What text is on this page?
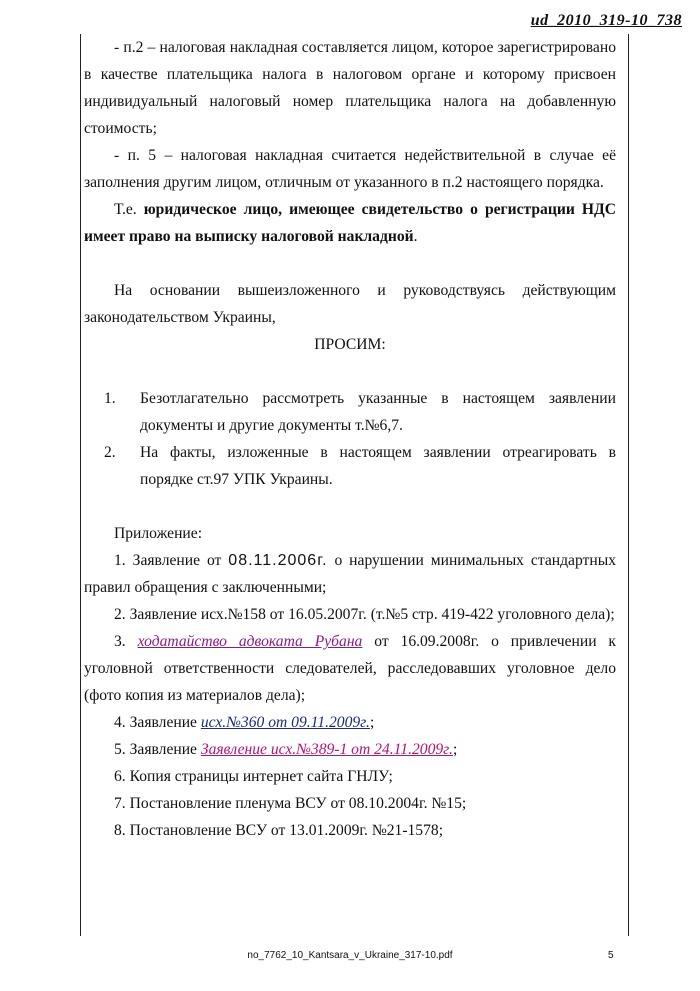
ud_2010_319-10_738

- п.2 – налоговая накладная составляется лицом, которое зарегистрировано в качестве плательщика налога в налоговом органе и которому присвоен индивидуальный налоговый номер плательщика налога на добавленную стоимость;

- п. 5 – налоговая накладная считается недействительной в случае её заполнения другим лицом, отличным от указанного в п.2 настоящего порядка.

Т.е. юридическое лицо, имеющее свидетельство о регистрации НДС имеет право на выписку налоговой накладной.

На основании вышеизложенного и руководствуясь действующим законодательством Украины,

ПРОСИМ:

1.	Безотлагательно рассмотреть указанные в настоящем заявлении документы и другие документы т.№6,7.
2.	На факты, изложенные в настоящем заявлении отреагировать в порядке ст.97 УПК Украины.

Приложение:

1. Заявление от 08.11.2006г. о нарушении минимальных стандартных правил обращения с заключенными;

2. Заявление исх.№158 от 16.05.2007г. (т.№5 стр. 419-422 уголовного дела);

3. ходатайство адвоката Рубана от 16.09.2008г. о привлечении к уголовной ответственности следователей, расследовавших уголовное дело (фото копия из материалов дела);

4. Заявление исх.№360 от 09.11.2009г.;

5. Заявление Заявление исх.№389-1 от 24.11.2009г.;

6. Копия страницы интернет сайта ГНЛУ;

7. Постановление пленума ВСУ от 08.10.2004г. №15;

8. Постановление ВСУ от 13.01.2009г. №21-1578;

no_7762_10_Kantsara_v_Ukraine_317-10.pdf	5
